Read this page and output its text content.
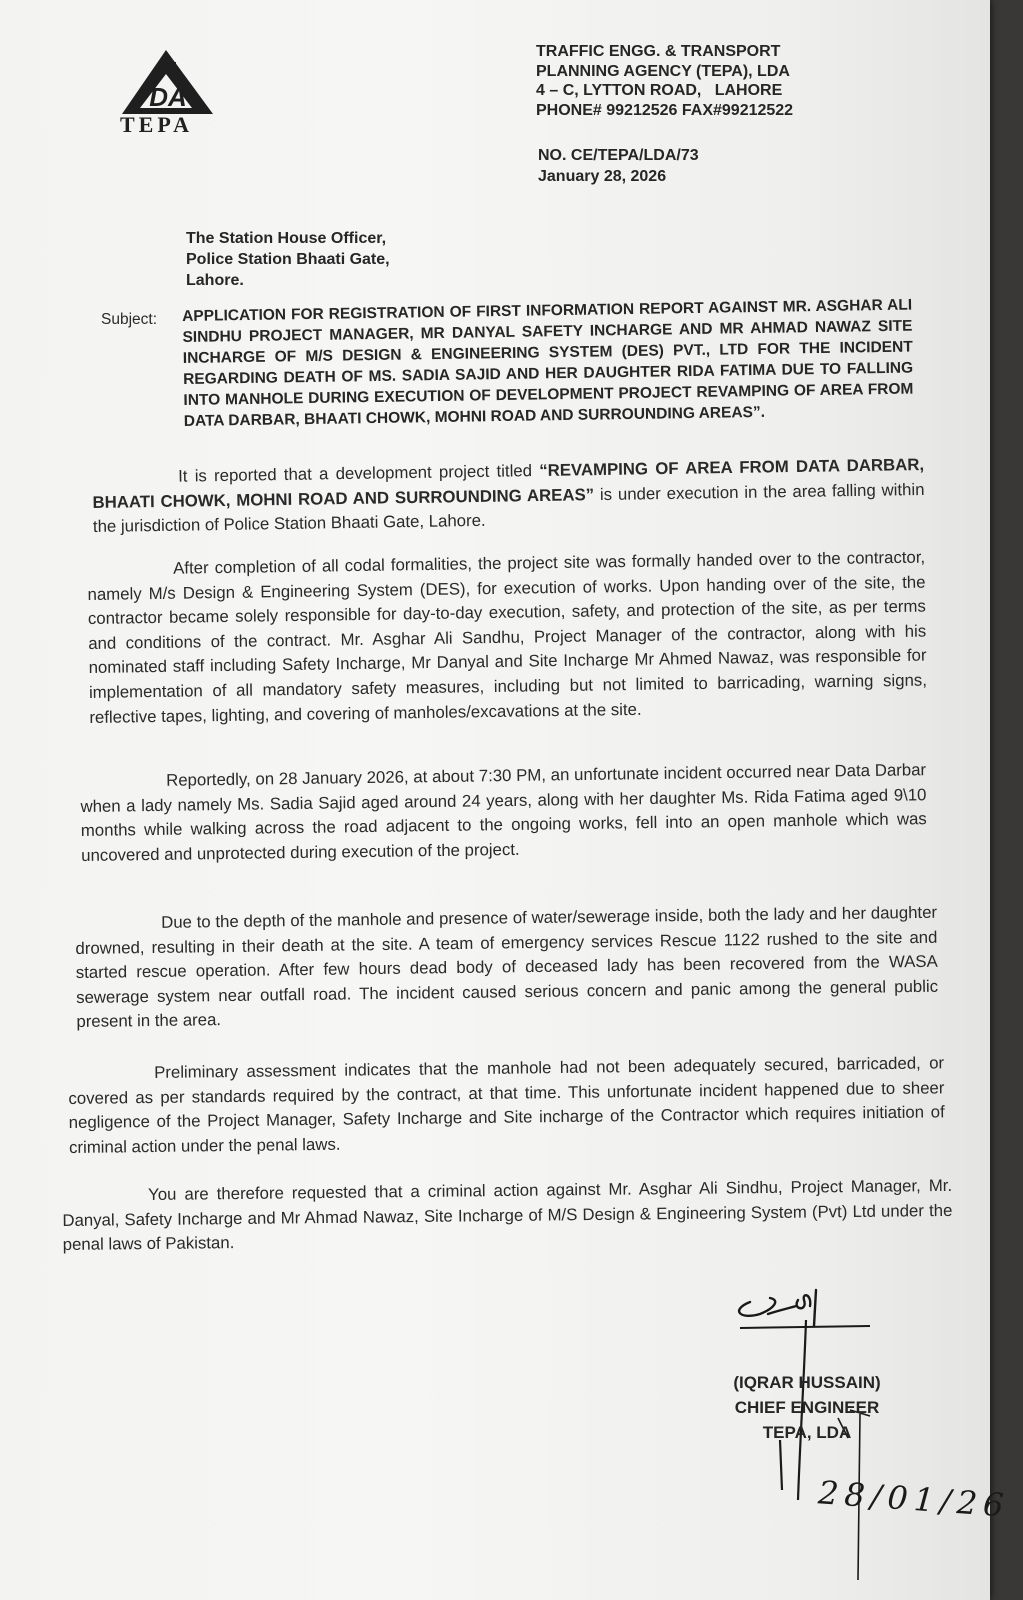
DA
TEPA
TRAFFIC ENGG. & TRANSPORT
PLANNING AGENCY (TEPA), LDA
4 – C, LYTTON ROAD,   LAHORE
PHONE# 99212526 FAX#99212522
NO. CE/TEPA/LDA/73
January 28, 2026
The Station House Officer,
Police Station Bhaati Gate,
Lahore.
Subject: APPLICATION FOR REGISTRATION OF FIRST INFORMATION REPORT AGAINST MR. ASGHAR ALI SINDHU PROJECT MANAGER, MR DANYAL SAFETY INCHARGE AND MR AHMAD NAWAZ SITE INCHARGE OF M/S DESIGN & ENGINEERING SYSTEM (DES) PVT., LTD FOR THE INCIDENT REGARDING DEATH OF MS. SADIA SAJID AND HER DAUGHTER RIDA FATIMA DUE TO FALLING INTO MANHOLE DURING EXECUTION OF DEVELOPMENT PROJECT REVAMPING OF AREA FROM DATA DARBAR, BHAATI CHOWK, MOHNI ROAD AND SURROUNDING AREAS”.

It is reported that a development project titled “REVAMPING OF AREA FROM DATA DARBAR, BHAATI CHOWK, MOHNI ROAD AND SURROUNDING AREAS” is under execution in the area falling within the jurisdiction of Police Station Bhaati Gate, Lahore.

After completion of all codal formalities, the project site was formally handed over to the contractor, namely M/s Design & Engineering System (DES), for execution of works. Upon handing over of the site, the contractor became solely responsible for day-to-day execution, safety, and protection of the site, as per terms and conditions of the contract. Mr. Asghar Ali Sandhu, Project Manager of the contractor, along with his nominated staff including Safety Incharge, Mr Danyal and Site Incharge Mr Ahmed Nawaz, was responsible for implementation of all mandatory safety measures, including but not limited to barricading, warning signs, reflective tapes, lighting, and covering of manholes/excavations at the site.

Reportedly, on 28 January 2026, at about 7:30 PM, an unfortunate incident occurred near Data Darbar when a lady namely Ms. Sadia Sajid aged around 24 years, along with her daughter Ms. Rida Fatima aged 9\10 months while walking across the road adjacent to the ongoing works, fell into an open manhole which was uncovered and unprotected during execution of the project.

Due to the depth of the manhole and presence of water/sewerage inside, both the lady and her daughter drowned, resulting in their death at the site. A team of emergency services Rescue 1122 rushed to the site and started rescue operation. After few hours dead body of deceased lady has been recovered from the WASA sewerage system near outfall road. The incident caused serious concern and panic among the general public present in the area.

Preliminary assessment indicates that the manhole had not been adequately secured, barricaded, or covered as per standards required by the contract, at that time. This unfortunate incident happened due to sheer negligence of the Project Manager, Safety Incharge and Site incharge of the Contractor which requires initiation of criminal action under the penal laws.

You are therefore requested that a criminal action against Mr. Asghar Ali Sindhu, Project Manager, Mr. Danyal, Safety Incharge and Mr Ahmad Nawaz, Site Incharge of M/S Design & Engineering System (Pvt) Ltd under the penal laws of Pakistan.

(IQRAR HUSSAIN)
CHIEF ENGINEER
TEPA, LDA
28/01/26
